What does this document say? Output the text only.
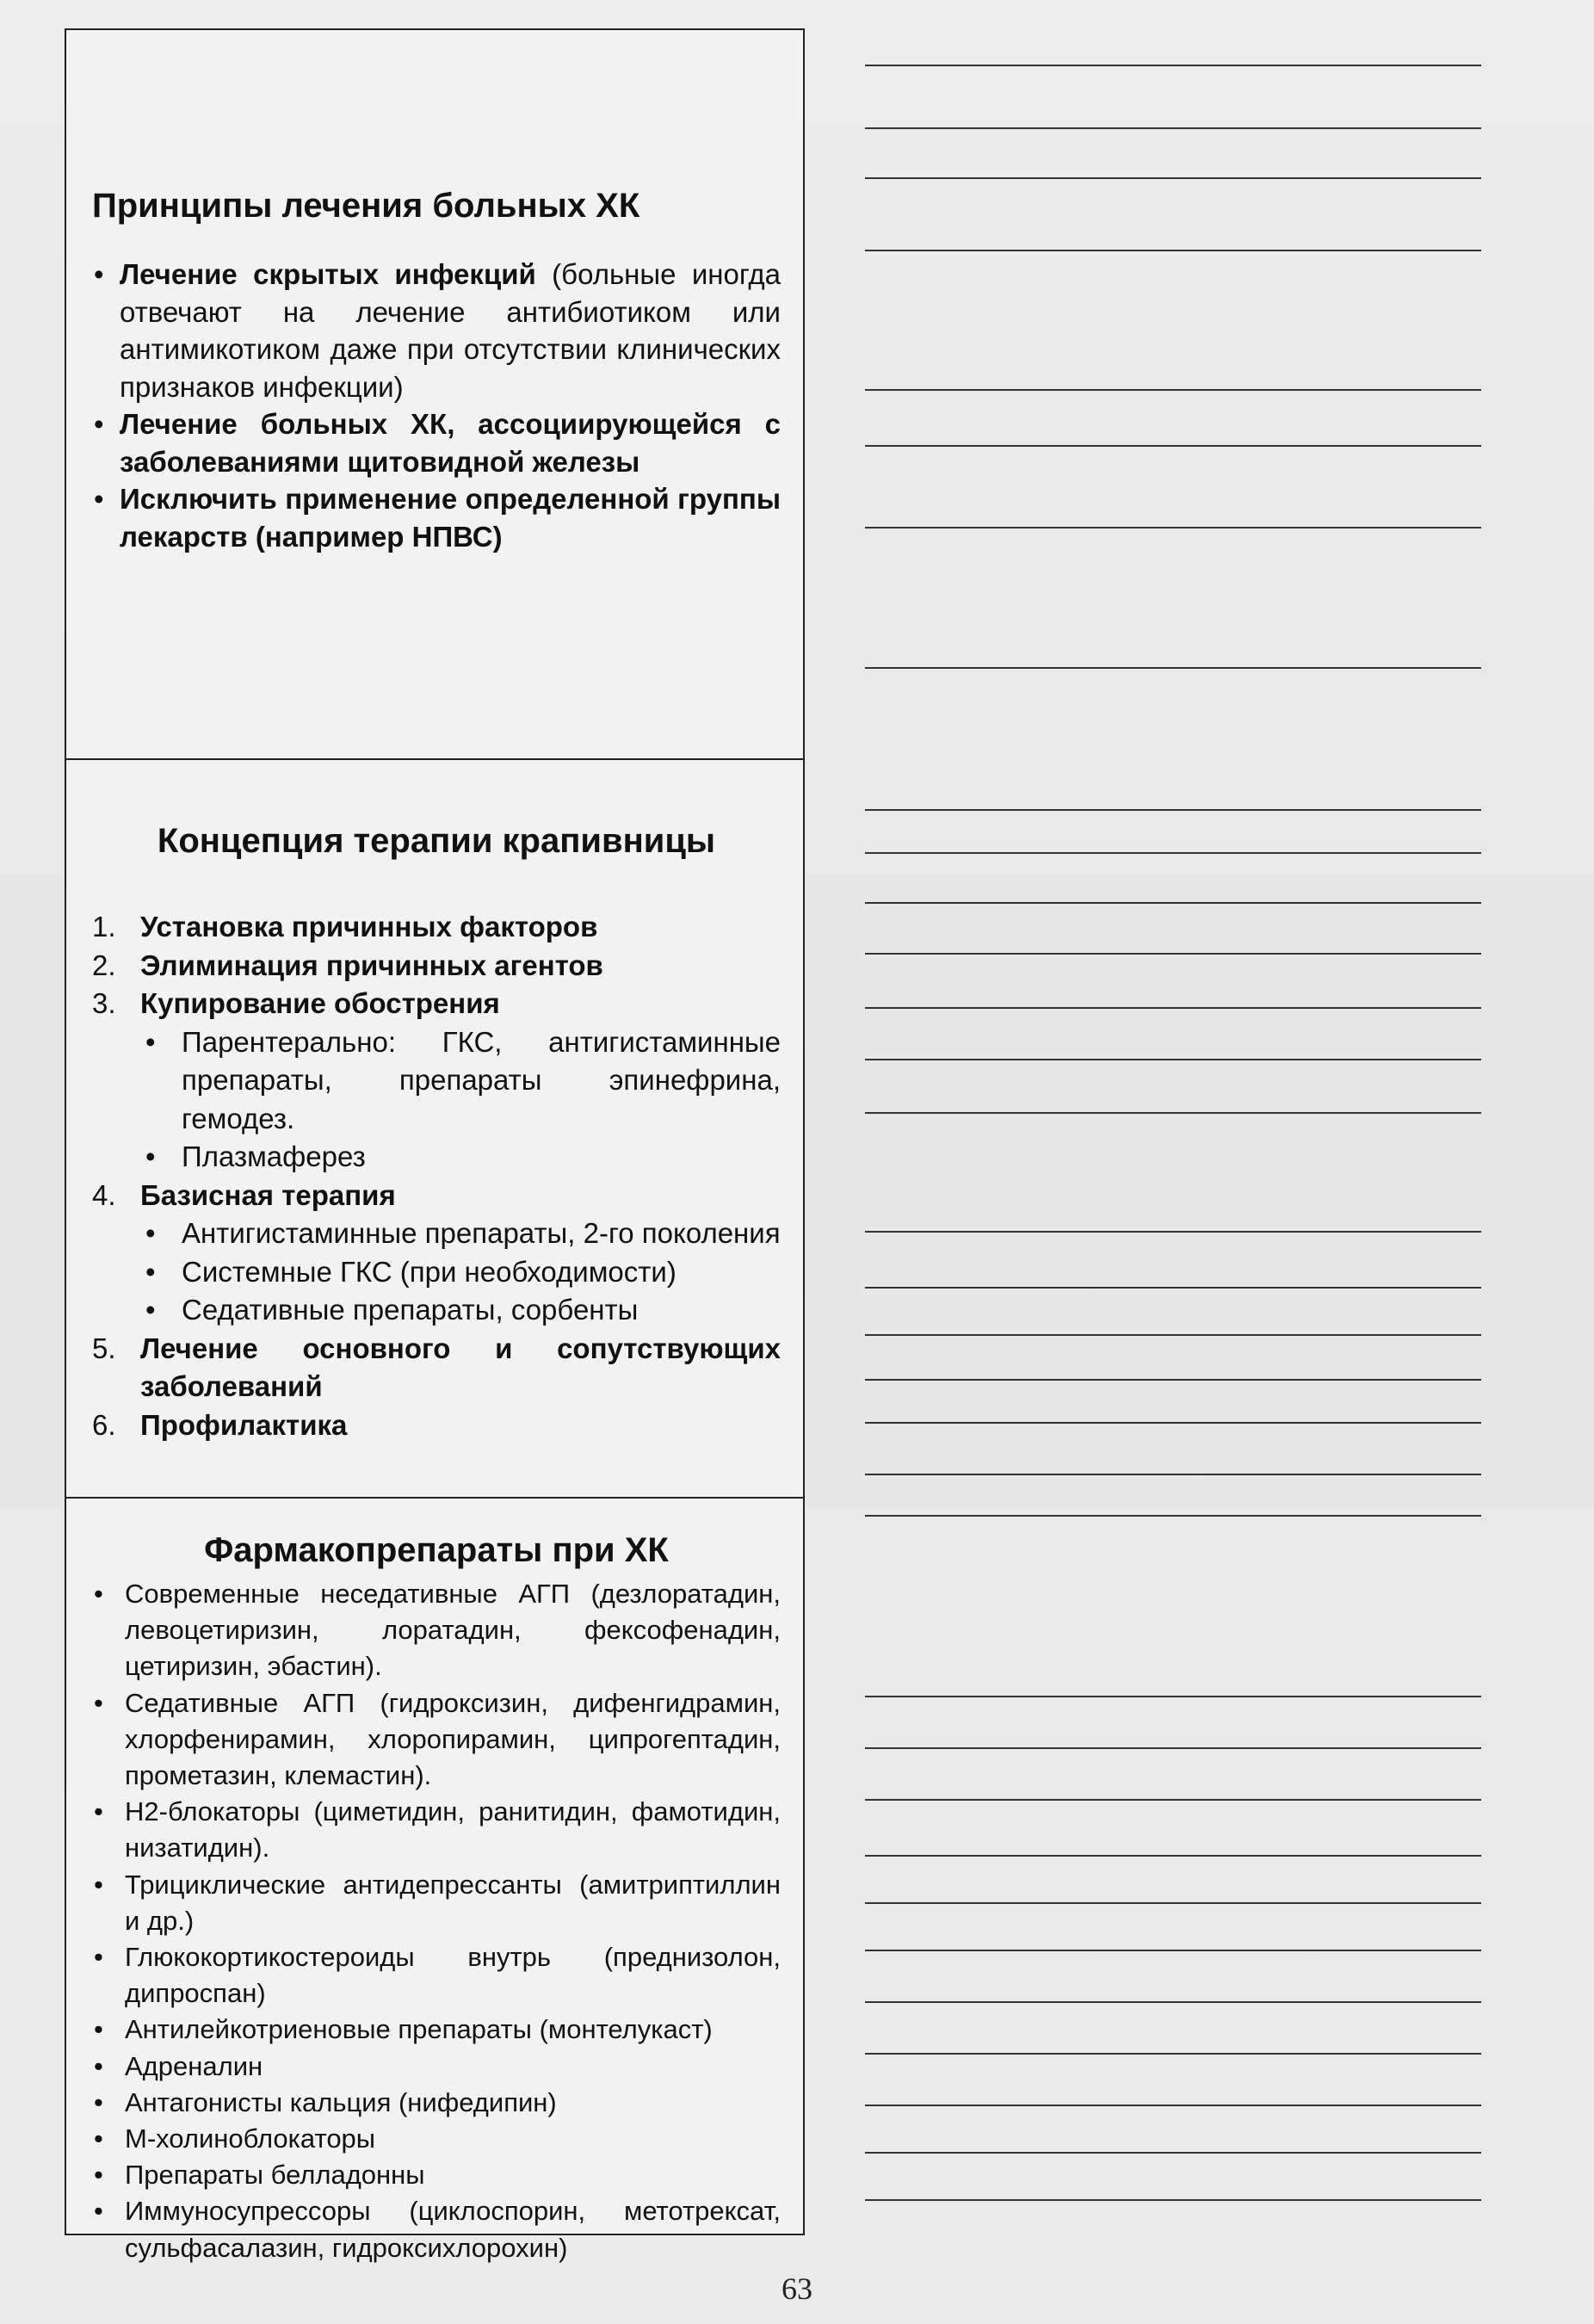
Принципы лечения больных ХК
• Лечение скрытых инфекций (больные иногда отвечают на лечение антибиотиком или антимикотиком даже при отсутствии клинических признаков инфекции)
• Лечение больных ХК, ассоциирующейся с заболеваниями щитовидной железы
• Исключить применение определенной группы лекарств (например НПВС)
Концепция терапии крапивницы
1. Установка причинных факторов
2. Элиминация причинных агентов
3. Купирование обострения
• Парентерально: ГКС, антигистаминные препараты, препараты эпинефрина, гемодез.
• Плазмаферез
4. Базисная терапия
• Антигистаминные препараты, 2-го поколения
• Системные ГКС (при необходимости)
• Седативные препараты, сорбенты
5. Лечение основного и сопутствующих заболеваний
6. Профилактика
Фармакопрепараты при ХК
• Современные неседативные АГП (дезлоратадин, левоцетиризин, лоратадин, фексофенадин, цетиризин, эбастин).
• Седативные АГП (гидроксизин, дифенгидрамин, хлорфенирамин, хлоропирамин, ципрогептадин, прометазин, клемастин).
• Н2-блокаторы (циметидин, ранитидин, фамотидин, низатидин).
• Трициклические антидепрессанты (амитриптиллин и др.)
• Глюкокортикостероиды внутрь (преднизолон, дипроспан)
• Антилейкотриеновые препараты (монтелукаст)
• Адреналин
• Антагонисты кальция (нифедипин)
• М-холиноблокаторы
• Препараты белладонны
• Иммуносупрессоры (циклоспорин, метотрексат, сульфасалазин, гидроксихлорохин)
63
